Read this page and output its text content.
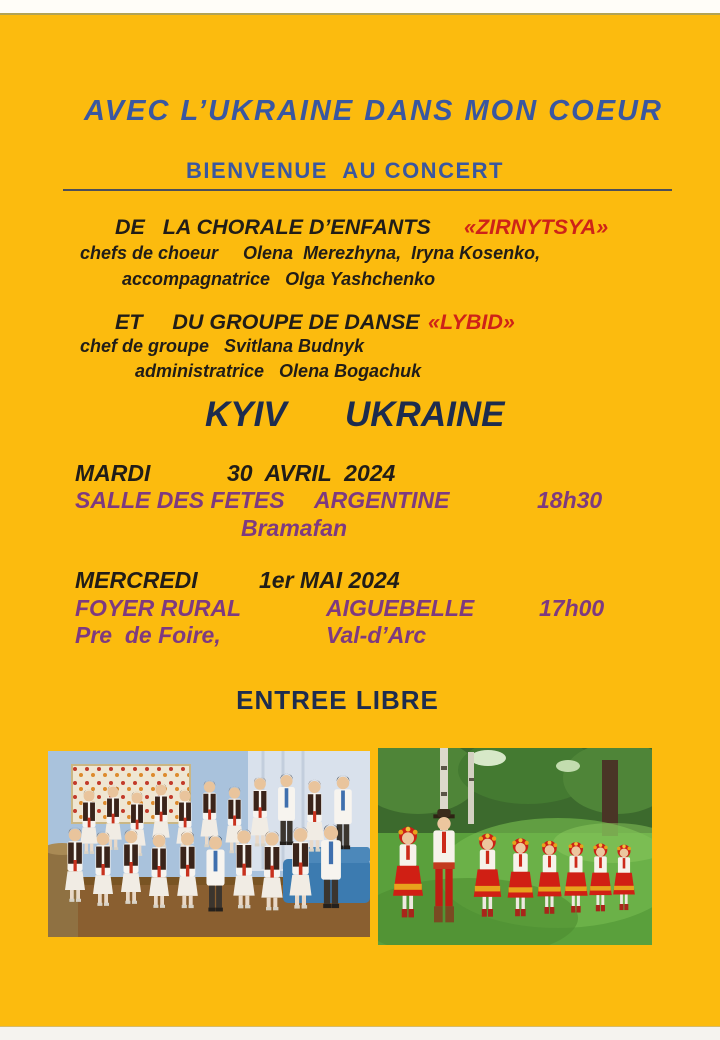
AVEC L’UKRAINE DANS MON COEUR
BIENVENUE  AU CONCERT
DE   LA CHORALE D’ENFANTS «ZIRNYTSYA»
chefs de choeur     Olena  Merezhyna,  Iryna Kosenko,
accompagnatrice   Olga Yashchenko
ET     DU GROUPE DE DANSE «LYBID»
chef de groupe   Svitlana Budnyk
administratrice   Olena Bogachuk
KYIV UKRAINE
MARDI	30  AVRIL  2024
SALLE DES FETES ARGENTINE	18h30
Bramafan
MERCREDI	1er MAI 2024
FOYER RURAL	AIGUEBELLE	17h00
Pre  de Foire,	Val-d’Arc
ENTREE LIBRE
